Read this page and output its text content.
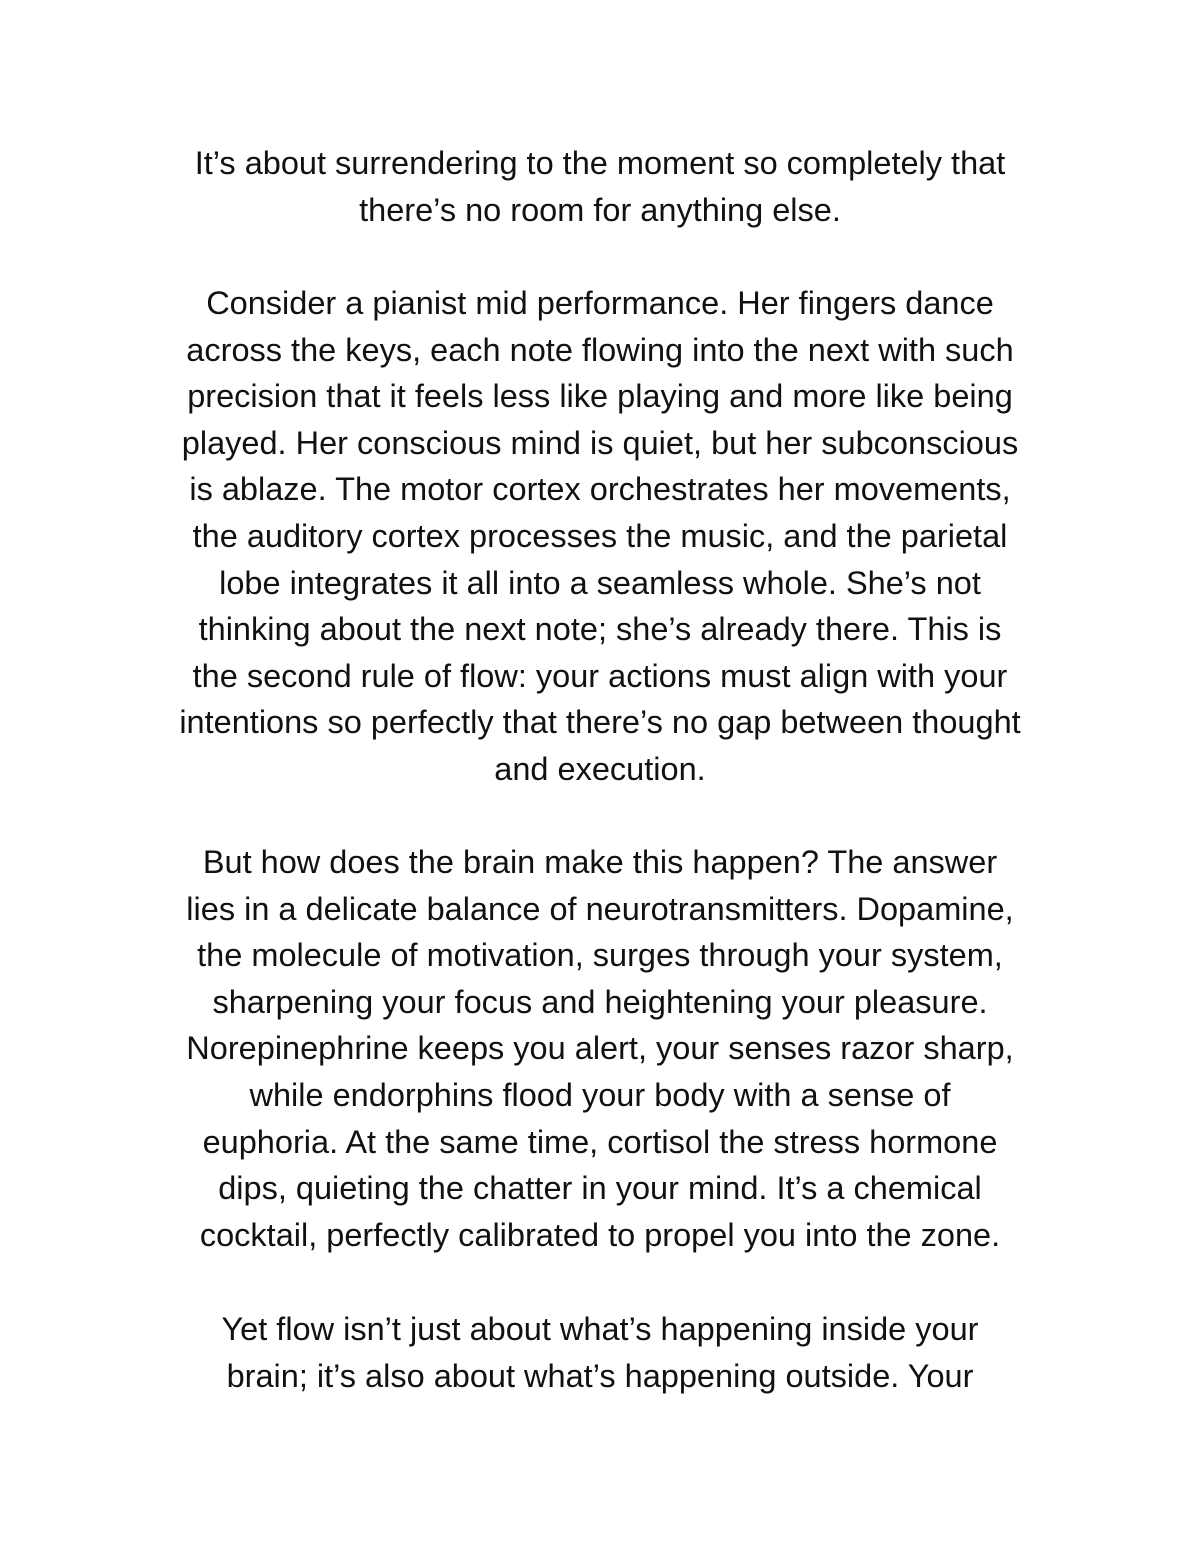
It’s about surrendering to the moment so completely that
there’s no room for anything else.

Consider a pianist mid performance. Her fingers dance
across the keys, each note flowing into the next with such
precision that it feels less like playing and more like being
played. Her conscious mind is quiet, but her subconscious
is ablaze. The motor cortex orchestrates her movements,
the auditory cortex processes the music, and the parietal
lobe integrates it all into a seamless whole. She’s not
thinking about the next note; she’s already there. This is
the second rule of flow: your actions must align with your
intentions so perfectly that there’s no gap between thought
and execution.

But how does the brain make this happen? The answer
lies in a delicate balance of neurotransmitters. Dopamine,
the molecule of motivation, surges through your system,
sharpening your focus and heightening your pleasure.
Norepinephrine keeps you alert, your senses razor sharp,
while endorphins flood your body with a sense of
euphoria. At the same time, cortisol the stress hormone
dips, quieting the chatter in your mind. It’s a chemical
cocktail, perfectly calibrated to propel you into the zone.

Yet flow isn’t just about what’s happening inside your
brain; it’s also about what’s happening outside. Your
